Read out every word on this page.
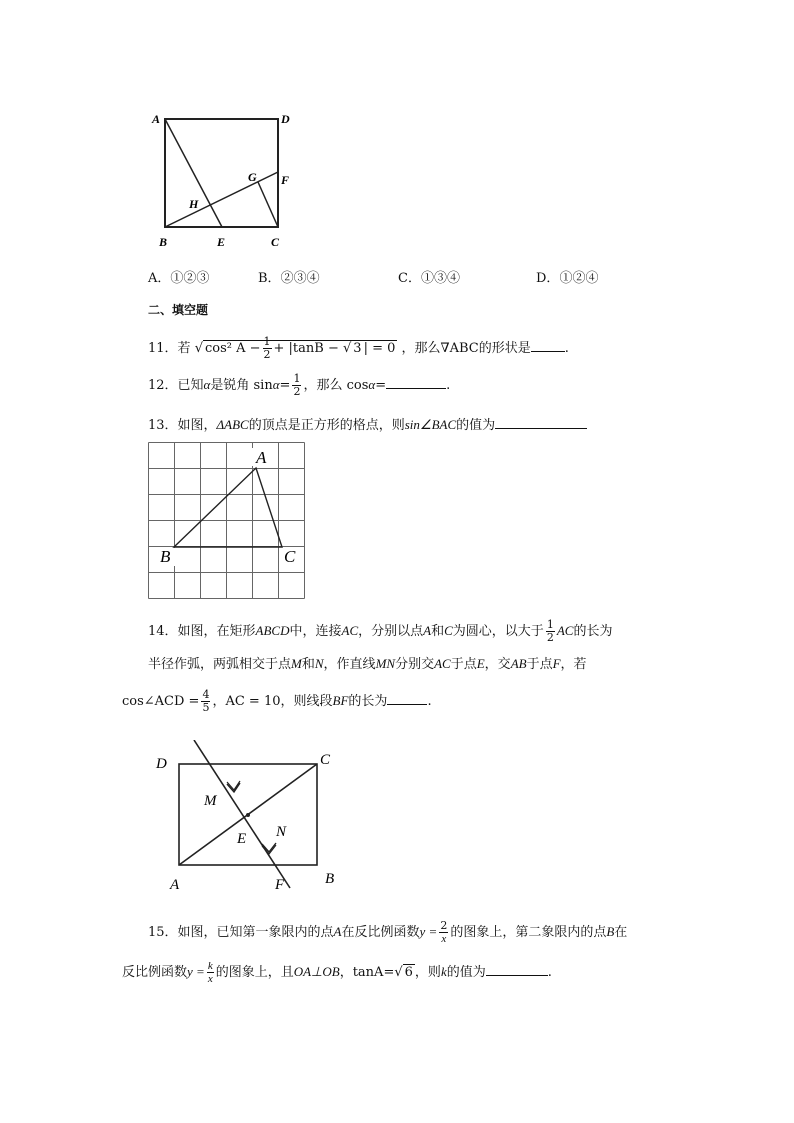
A	D
G F
H
B	E	C
A．①②③	B．②③④	C．①③④	D．①②④
二、填空题
11．若 √ cos² $A - \frac{1}{2} + |\tan B$ − √ 3 | = 0 ，那么∇ABC的形状是	.
12．已知α是锐角 $\sin\alpha= \frac{1}{2}$ ，那么 cosα=	.
13．如图，ΔABC的顶点是正方形的格点，则sin∠BAC的值为
A
B	C
14．如图，在矩形ABCD中，连接AC，分别以点A和C为圆心，以大于 $\frac{1}{2}$ AC的长为
半径作弧，两弧相交于点M和N，作直线MN分别交AC于点E，交AB于点F，若
cos∠ACD = $\frac{4}{5}$ ，AC = 10，则线段BF的长为	.
D	C
M
N
E
A	F	B
15．如图，已知第一象限内的点A在反比例函数$y = \frac{2}{x}$ 的图象上，第二象限内的点B在
反比例函数$y = \frac{k}{x}$ 的图象上，且OA⊥OB，tanA=√ 6 ，则k的值为	.
